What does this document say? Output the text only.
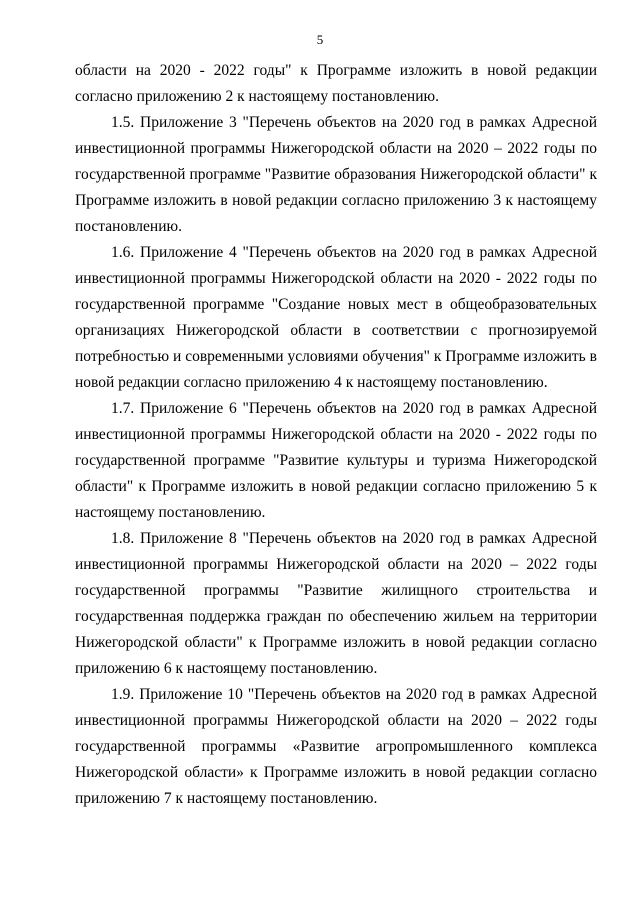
5

области на 2020 - 2022 годы" к Программе изложить в новой редакции согласно приложению 2 к настоящему постановлению.

1.5. Приложение 3 "Перечень объектов на 2020 год в рамках Адресной инвестиционной программы Нижегородской области на 2020 – 2022 годы по государственной программе "Развитие образования Нижегородской области" к Программе изложить в новой редакции согласно приложению 3 к настоящему постановлению.

1.6. Приложение 4 "Перечень объектов на 2020 год в рамках Адресной инвестиционной программы Нижегородской области на 2020 - 2022 годы по государственной программе "Создание новых мест в общеобразовательных организациях Нижегородской области в соответствии с прогнозируемой потребностью и современными условиями обучения" к Программе изложить в новой редакции согласно приложению 4 к настоящему постановлению.

1.7. Приложение 6 "Перечень объектов на 2020 год в рамках Адресной инвестиционной программы Нижегородской области на 2020 - 2022 годы по государственной программе "Развитие культуры и туризма Нижегородской области" к Программе изложить в новой редакции согласно приложению 5 к настоящему постановлению.

1.8. Приложение 8 "Перечень объектов на 2020 год в рамках Адресной инвестиционной программы Нижегородской области на 2020 – 2022 годы государственной программы "Развитие жилищного строительства и государственная поддержка граждан по обеспечению жильем на территории Нижегородской области" к Программе изложить в новой редакции согласно приложению 6 к настоящему постановлению.

1.9. Приложение 10 "Перечень объектов на 2020 год в рамках Адресной инвестиционной программы Нижегородской области на 2020 – 2022 годы государственной программы «Развитие агропромышленного комплекса Нижегородской области» к Программе изложить в новой редакции согласно приложению 7 к настоящему постановлению.
